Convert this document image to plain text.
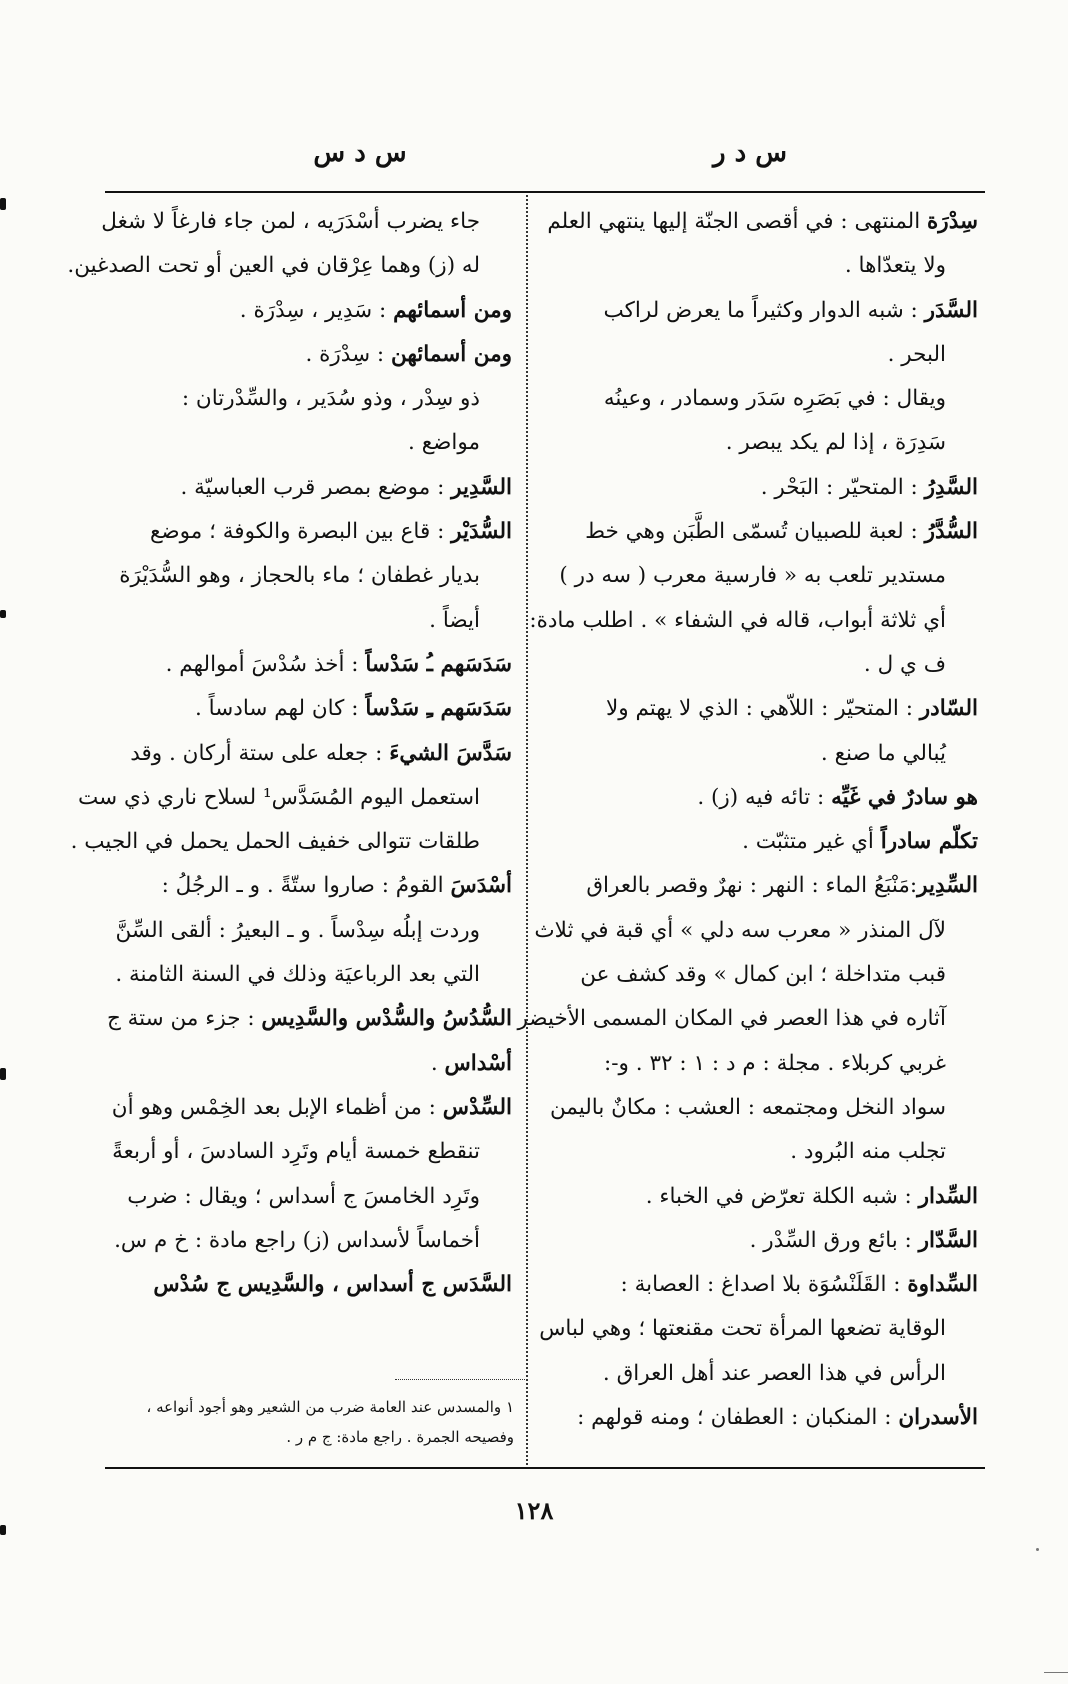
س د ر
س د س
سِدْرَة المنتهى : في أقصى الجنّة إليها ينتهي العلم
ولا يتعدّاها .
السَّدَر : شبه الدوار وكثيراً ما يعرض لراكب
البحر .
ويقال : في بَصَرِه سَدَر وسمادر ، وعينُه
سَدِرَة ، إذا لم يكد يبصر .
السَّدِرُ : المتحيّر : البَحْر .
السُّدَّرُ : لعبة للصبيان تُسمّى الطَّبَن وهي خط
مستدير تلعب به « فارسية معرب ( سه در )
أي ثلاثة أبواب، قاله في الشفاء » . اطلب مادة:
ف ي ل .
السّادر : المتحيّر : اللاّهي : الذي لا يهتم ولا
يُبالي ما صنع .
هو سادرٌ في غَيِّه : تائه فيه (ز) .
تكلّم سادراً أي غير متثبّت .
السِّدِير:مَنْبَعُ الماء : النهر : نهرٌ وقصر بالعراق
لآل المنذر « معرب سه دلي » أي قبة في ثلاث
قبب متداخلة ؛ ابن كمال » وقد كشف عن
آثاره في هذا العصر في المكان المسمى الأخيضر
غربي كربلاء . مجلة : م د : ١ : ٣٢ . و-:
سواد النخل ومجتمعه : العشب : مكانٌ باليمن
تجلب منه البُرود .
السِّدار : شبه الكلة تعرّض في الخباء .
السَّدّار : بائع ورق السِّدْر .
السِّداوة : القَلَنْسُوَة بلا اصداغ : العصابة :
الوقاية تضعها المرأة تحت مقنعتها ؛ وهي لباس
الرأس في هذا العصر عند أهل العراق .
الأسدران : المنكبان : العطفان ؛ ومنه قولهم :
جاء يضرب أسْدَرَيه ، لمن جاء فارغاً لا شغل
له (ز) وهما عِرْقان في العين أو تحت الصدغين.
ومن أسمائهم : سَدِير ، سِدْرَة .
ومن أسمائهن : سِدْرَة .
ذو سِدْر ، وذو سُدَير ، والسِّدْرتان :
مواضع .
السَّدِير : موضع بمصر قرب العباسيّة .
السُّدَيْر : قاع بين البصرة والكوفة ؛ موضع
بديار غطفان ؛ ماء بالحجاز ، وهو السُّدَيْرَة
أيضاً .
سَدَسَهم ـُ سَدْساً : أخذ سُدْسَ أموالهم .
سَدَسَهم ـِ سَدْساً : كان لهم سادساً .
سَدَّسَ الشيءَ : جعله على ستة أركان . وقد
استعمل اليوم المُسَدَّس¹ لسلاح ناري ذي ست
طلقات تتوالى خفيف الحمل يحمل في الجيب .
أسْدَسَ القومُ : صاروا ستّةً . و ـ الرجُلُ :
وردت إبلُه سِدْساً . و ـ البعيرُ : ألقى السِّنَّ
التي بعد الرباعيَة وذلك في السنة الثامنة .
السُّدُسُ والسُّدْس والسَّدِيس : جزء من ستة ج
أسْداس .
السِّدْس : من أظماء الإبل بعد الخِمْس وهو أن
تنقطع خمسة أيام وتَرِد السادسَ ، أو أربعةً
وتَرِد الخامسَ ج أسداس ؛ ويقال : ضرب
أخماساً لأسداس (ز) راجع مادة : خ م س.
السَّدَس ج أسداس ، والسَّدِيس ج سُدْس
١ والمسدس عند العامة ضرب من الشعير وهو أجود أنواعه ،
وفصيحه الجمرة . راجع مادة: ج م ر .
١٢٨
